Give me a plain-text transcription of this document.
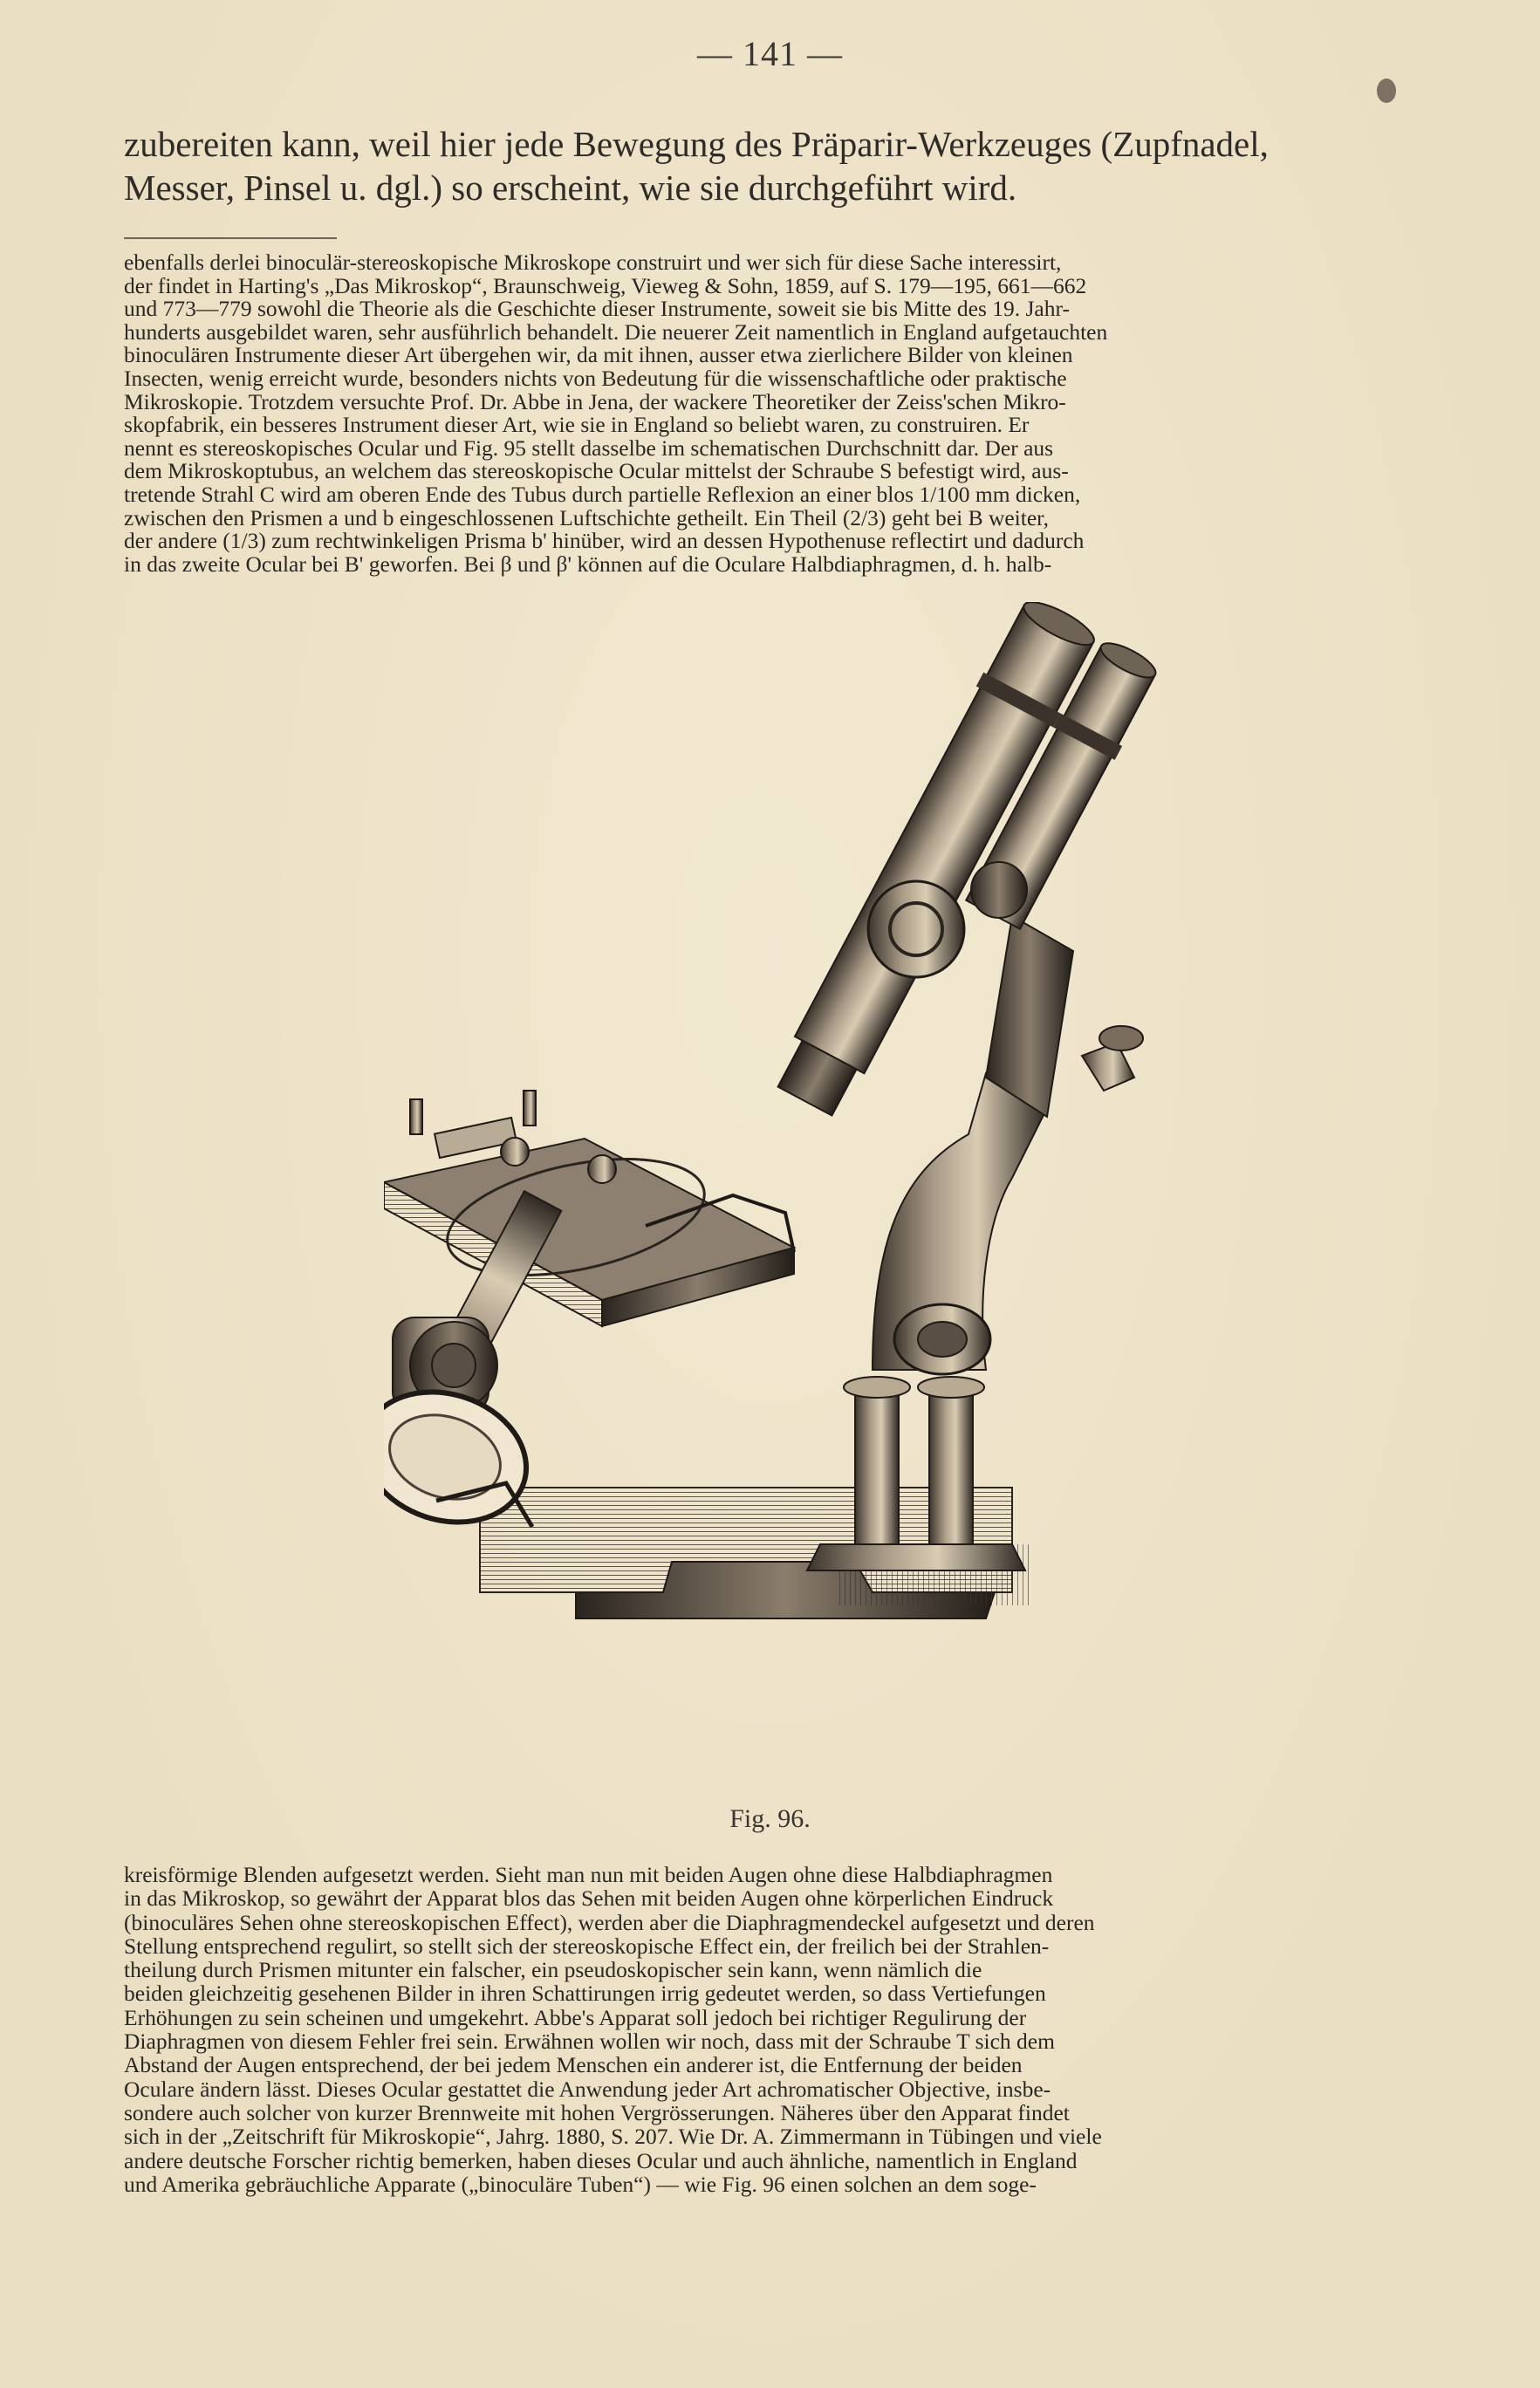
— 141 —
zubereiten kann, weil hier jede Bewegung des Präparir-Werkzeuges (Zupfnadel,
Messer, Pinsel u. dgl.) so erscheint, wie sie durchgeführt wird.
ebenfalls derlei binoculär-stereoskopische Mikroskope construirt und wer sich für diese Sache interessirt,
der findet in Harting's „Das Mikroskop“, Braunschweig, Vieweg & Sohn, 1859, auf S. 179—195, 661—662
und 773—779 sowohl die Theorie als die Geschichte dieser Instrumente, soweit sie bis Mitte des 19. Jahr-
hunderts ausgebildet waren, sehr ausführlich behandelt. Die neuerer Zeit namentlich in England aufgetauchten
binoculären Instrumente dieser Art übergehen wir, da mit ihnen, ausser etwa zierlichere Bilder von kleinen
Insecten, wenig erreicht wurde, besonders nichts von Bedeutung für die wissenschaftliche oder praktische
Mikroskopie. Trotzdem versuchte Prof. Dr. Abbe in Jena, der wackere Theoretiker der Zeiss'schen Mikro-
skopfabrik, ein besseres Instrument dieser Art, wie sie in England so beliebt waren, zu construiren. Er
nennt es stereoskopisches Ocular und Fig. 95 stellt dasselbe im schematischen Durchschnitt dar. Der aus
dem Mikroskoptubus, an welchem das stereoskopische Ocular mittelst der Schraube S befestigt wird, aus-
tretende Strahl C wird am oberen Ende des Tubus durch partielle Reflexion an einer blos 1/100 mm dicken,
zwischen den Prismen a und b eingeschlossenen Luftschichte getheilt. Ein Theil (2/3) geht bei B weiter,
der andere (1/3) zum rechtwinkeligen Prisma b' hinüber, wird an dessen Hypothenuse reflectirt und dadurch
in das zweite Ocular bei B' geworfen. Bei β und β' können auf die Oculare Halbdiaphragmen, d. h. halb-
Fig. 96.
kreisförmige Blenden aufgesetzt werden. Sieht man nun mit beiden Augen ohne diese Halbdiaphragmen
in das Mikroskop, so gewährt der Apparat blos das Sehen mit beiden Augen ohne körperlichen Eindruck
(binoculäres Sehen ohne stereoskopischen Effect), werden aber die Diaphragmendeckel aufgesetzt und deren
Stellung entsprechend regulirt, so stellt sich der stereoskopische Effect ein, der freilich bei der Strahlen-
theilung durch Prismen mitunter ein falscher, ein pseudoskopischer sein kann, wenn nämlich die
beiden gleichzeitig gesehenen Bilder in ihren Schattirungen irrig gedeutet werden, so dass Vertiefungen
Erhöhungen zu sein scheinen und umgekehrt. Abbe's Apparat soll jedoch bei richtiger Regulirung der
Diaphragmen von diesem Fehler frei sein. Erwähnen wollen wir noch, dass mit der Schraube T sich dem
Abstand der Augen entsprechend, der bei jedem Menschen ein anderer ist, die Entfernung der beiden
Oculare ändern lässt. Dieses Ocular gestattet die Anwendung jeder Art achromatischer Objective, insbe-
sondere auch solcher von kurzer Brennweite mit hohen Vergrösserungen. Näheres über den Apparat findet
sich in der „Zeitschrift für Mikroskopie“, Jahrg. 1880, S. 207. Wie Dr. A. Zimmermann in Tübingen und viele
andere deutsche Forscher richtig bemerken, haben dieses Ocular und auch ähnliche, namentlich in England
und Amerika gebräuchliche Apparate („binoculäre Tuben“) — wie Fig. 96 einen solchen an dem soge-
